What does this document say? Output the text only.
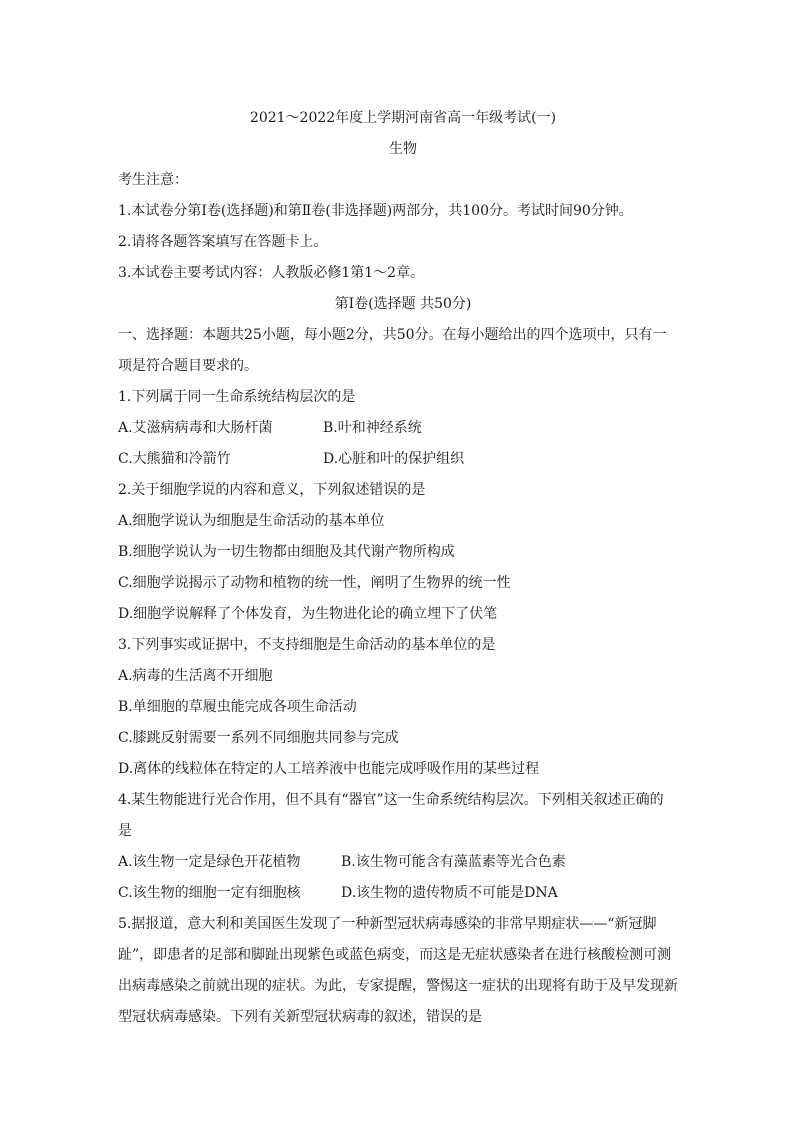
2021～2022年度上学期河南省高一年级考试(一)
生物
考生注意：
1.本试卷分第Ⅰ卷(选择题)和第Ⅱ卷(非选择题)两部分，共100分。考试时间90分钟。
2.请将各题答案填写在答题卡上。
3.本试卷主要考试内容：人教版必修1第1～2章。
第Ⅰ卷(选择题 共50分)
一、选择题：本题共25小题，每小题2分，共50分。在每小题给出的四个选项中，只有一
项是符合题目要求的。
1.下列属于同一生命系统结构层次的是
A.艾滋病病毒和大肠杆菌	B.叶和神经系统
C.大熊猫和冷箭竹	D.心脏和叶的保护组织
2.关于细胞学说的内容和意义，下列叙述错误的是
A.细胞学说认为细胞是生命活动的基本单位
B.细胞学说认为一切生物都由细胞及其代谢产物所构成
C.细胞学说揭示了动物和植物的统一性，阐明了生物界的统一性
D.细胞学说解释了个体发育，为生物进化论的确立埋下了伏笔
3.下列事实或证据中，不支持细胞是生命活动的基本单位的是
A.病毒的生活离不开细胞
B.单细胞的草履虫能完成各项生命活动
C.膝跳反射需要一系列不同细胞共同参与完成
D.离体的线粒体在特定的人工培养液中也能完成呼吸作用的某些过程
4.某生物能进行光合作用，但不具有“器官”这一生命系统结构层次。下列相关叙述正确的
是
A.该生物一定是绿色开花植物	B.该生物可能含有藻蓝素等光合色素
C.该生物的细胞一定有细胞核	D.该生物的遗传物质不可能是DNA
5.据报道，意大利和美国医生发现了一种新型冠状病毒感染的非常早期症状——“新冠脚
趾”，即患者的足部和脚趾出现紫色或蓝色病变，而这是无症状感染者在进行核酸检测可测
出病毒感染之前就出现的症状。为此，专家提醒，警惕这一症状的出现将有助于及早发现新
型冠状病毒感染。下列有关新型冠状病毒的叙述，错误的是
